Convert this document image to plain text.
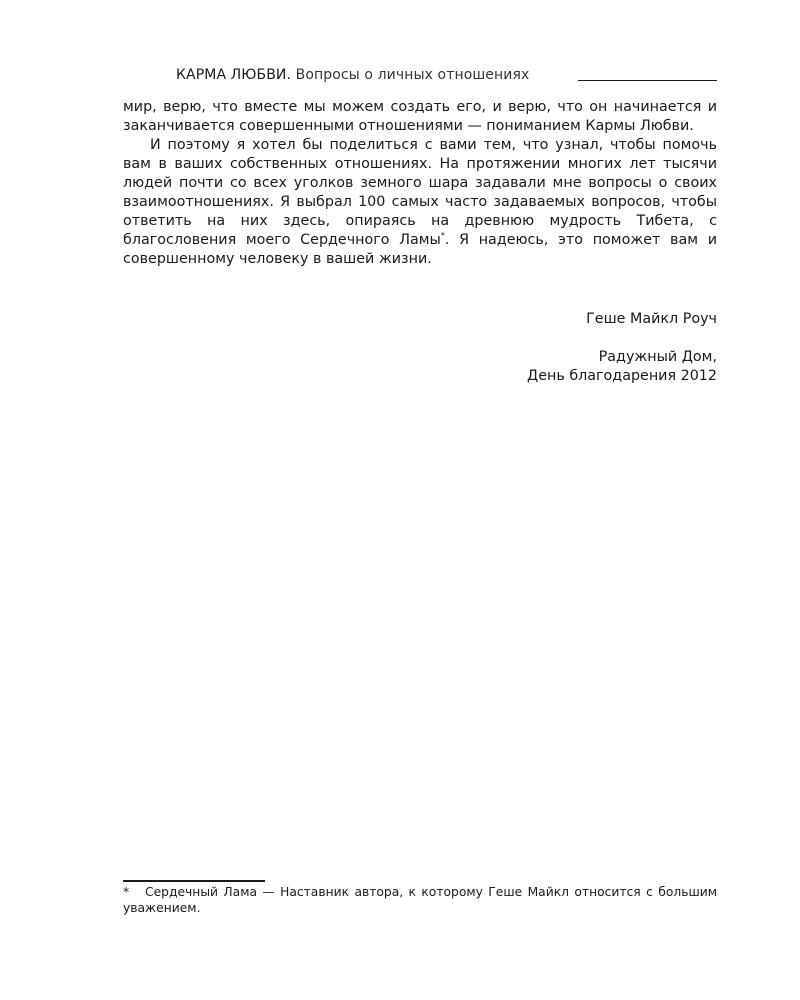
КАРМА ЛЮБВИ. Вопросы о личных отношениях

мир, верю, что вместе мы можем создать его, и верю, что он начинается и заканчивается совершенными отношениями — пониманием Кармы Любви.

И поэтому я хотел бы поделиться с вами тем, что узнал, чтобы помочь вам в ваших собственных отношениях. На протяжении многих лет тысячи людей почти со всех уголков земного шара задавали мне вопросы о своих взаимоотношениях. Я выбрал 100 самых часто задаваемых вопросов, чтобы ответить на них здесь, опираясь на древнюю мудрость Тибета, с благословения моего Сердечного Ламы*. Я надеюсь, это поможет вам и совершенному человеку в вашей жизни.

Геше Майкл Роуч
Радужный Дом,
День благодарения 2012
* Сердечный Лама — Наставник автора, к которому Геше Майкл относится с большим уважением.
